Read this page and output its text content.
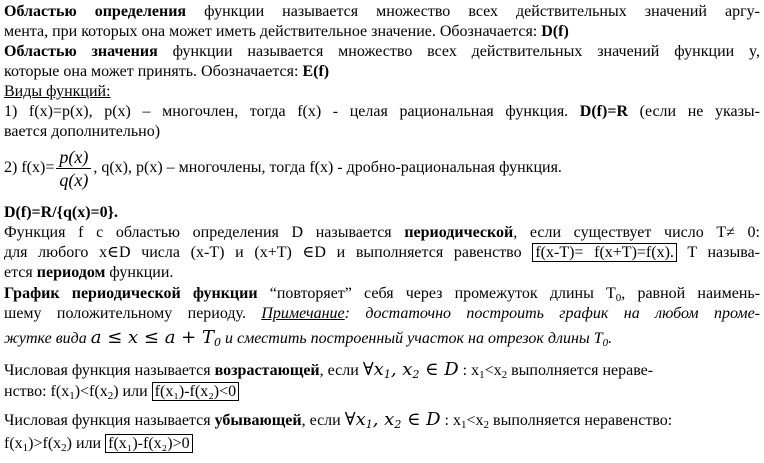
Областью определения функции называется множество всех действительных значений аргу-
мента, при которых она может иметь действительное значение. Обозначается: D(f)
Областью значения функции называется множество всех действительных значений функции y,
которые она может принять. Обозначается: E(f)
Виды функций:
1) f(x)=p(x), p(x) – многочлен, тогда f(x) - целая рациональная функция. D(f)=R (если не указы-
вается дополнительно)
2) $f(x)= \frac{p(x)}{q(x)}$ , q(x), p(x) – многочлены, тогда f(x) - дробно-рациональная функция.
D(f)=R/{q(x)=0}.
Функция f с областью определения D называется периодической, если существует число T≠ 0:
для любого x∈D числа (x-T) и (x+T) ∈D и выполняется равенство f(x-T)= f(x+T)=f(x). T называ-
ется периодом функции.
График периодической функции “повторяет” себя через промежуток длины $T_0$, равной наимень-
шему положительному периоду. Примечание: достаточно построить график на любом проме-
жутке вида $a \le x \le a + T_0$ и сместить построенный участок на отрезок длины $T_0$.
Числовая функция называется возрастающей, если $\forall x_1$, $x_2$ ∈ D : $x_1<x_2$ выполняется нераве-
нство: $f(x_1)<f(x_2)$ или f(x₁)-f(x₂)<0
Числовая функция называется убывающей, если $\forall x_1$, $x_2$ ∈ D : $x_1<x_2$ выполняется неравенство:
$f(x_1)>f(x_2)$ или f(x₁)-f(x₂)>0
